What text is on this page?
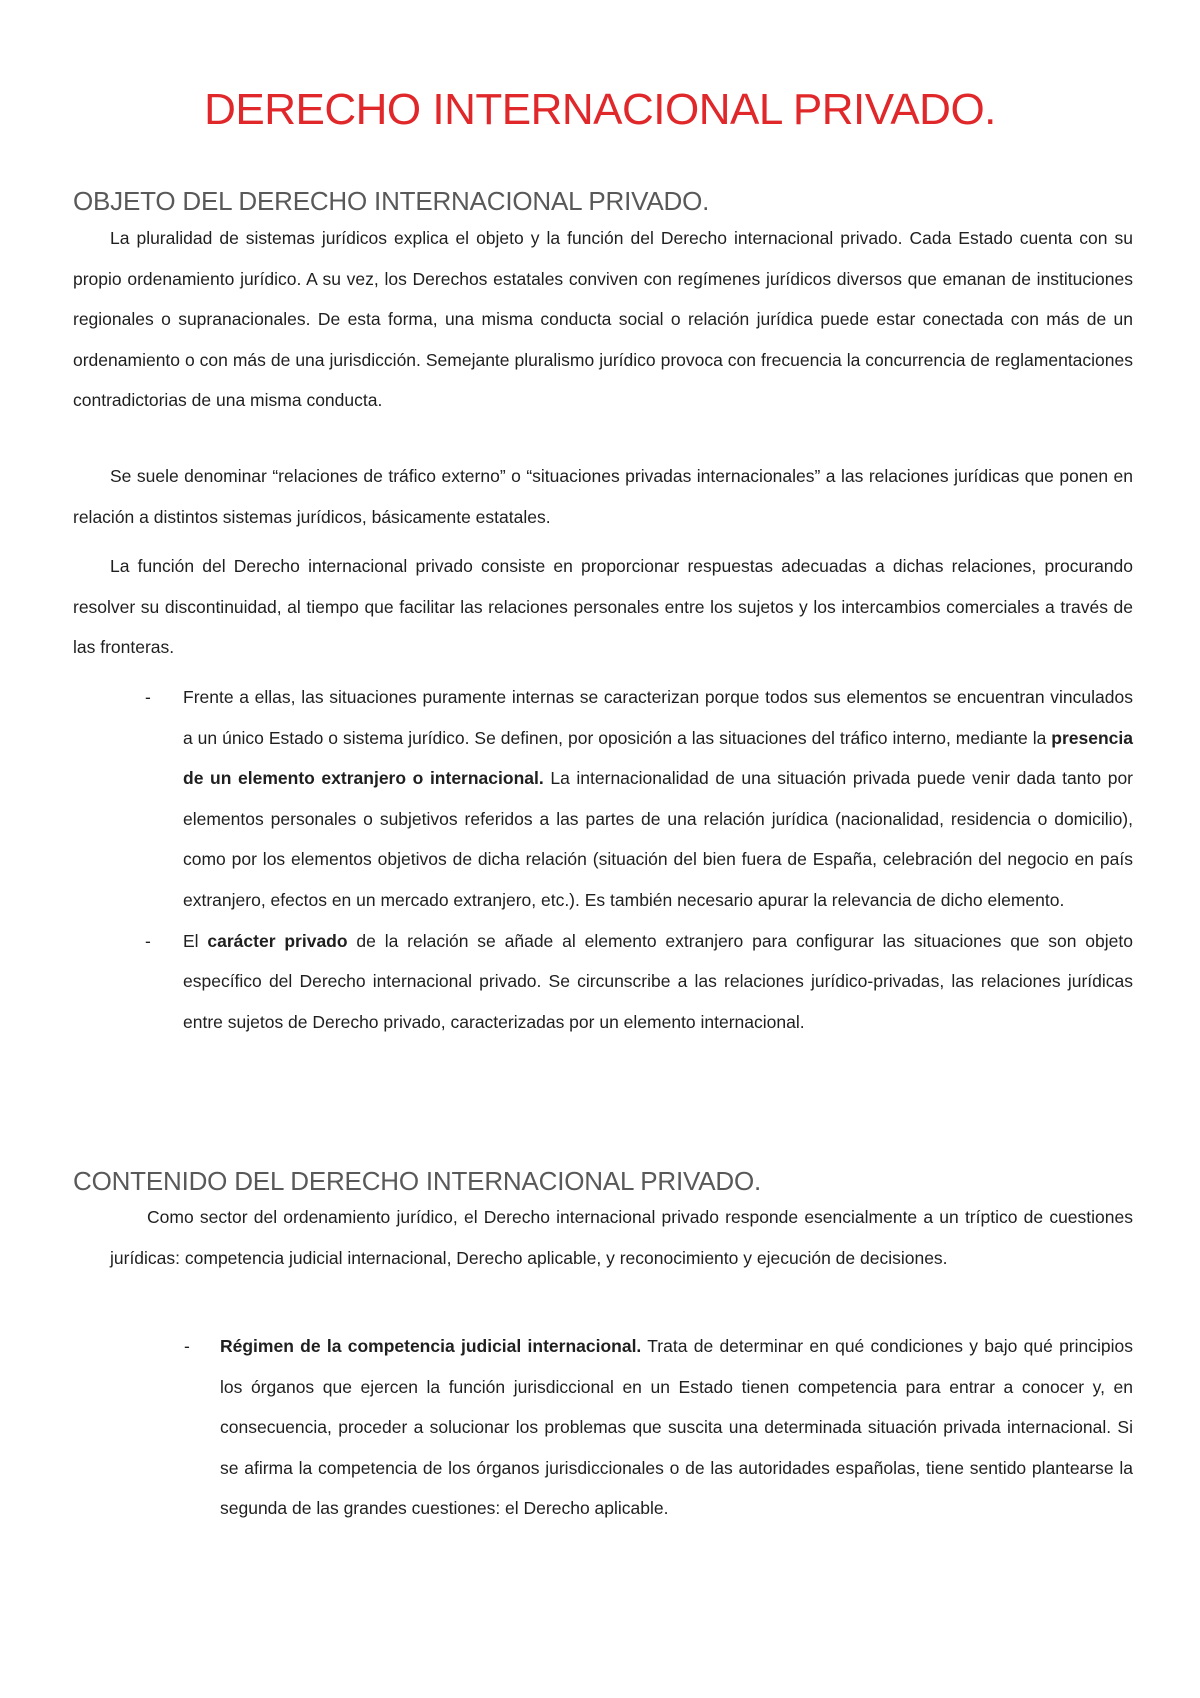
DERECHO INTERNACIONAL PRIVADO.
OBJETO DEL DERECHO INTERNACIONAL PRIVADO.

La pluralidad de sistemas jurídicos explica el objeto y la función del Derecho internacional privado. Cada Estado cuenta con su propio ordenamiento jurídico. A su vez, los Derechos estatales conviven con regímenes jurídicos diversos que emanan de instituciones regionales o supranacionales. De esta forma, una misma conducta social o relación jurídica puede estar conectada con más de un ordenamiento o con más de una jurisdicción. Semejante pluralismo jurídico provoca con frecuencia la concurrencia de reglamentaciones contradictorias de una misma conducta.

Se suele denominar “relaciones de tráfico externo” o “situaciones privadas internacionales” a las relaciones jurídicas que ponen en relación a distintos sistemas jurídicos, básicamente estatales.

La función del Derecho internacional privado consiste en proporcionar respuestas adecuadas a dichas relaciones, procurando resolver su discontinuidad, al tiempo que facilitar las relaciones personales entre los sujetos y los intercambios comerciales a través de las fronteras.

- Frente a ellas, las situaciones puramente internas se caracterizan porque todos sus elementos se encuentran vinculados a un único Estado o sistema jurídico. Se definen, por oposición a las situaciones del tráfico interno, mediante la presencia de un elemento extranjero o internacional. La internacionalidad de una situación privada puede venir dada tanto por elementos personales o subjetivos referidos a las partes de una relación jurídica (nacionalidad, residencia o domicilio), como por los elementos objetivos de dicha relación (situación del bien fuera de España, celebración del negocio en país extranjero, efectos en un mercado extranjero, etc.). Es también necesario apurar la relevancia de dicho elemento.
- El carácter privado de la relación se añade al elemento extranjero para configurar las situaciones que son objeto específico del Derecho internacional privado. Se circunscribe a las relaciones jurídico-privadas, las relaciones jurídicas entre sujetos de Derecho privado, caracterizadas por un elemento internacional.
CONTENIDO DEL DERECHO INTERNACIONAL PRIVADO.

Como sector del ordenamiento jurídico, el Derecho internacional privado responde esencialmente a un tríptico de cuestiones jurídicas: competencia judicial internacional, Derecho aplicable, y reconocimiento y ejecución de decisiones.

- Régimen de la competencia judicial internacional. Trata de determinar en qué condiciones y bajo qué principios los órganos que ejercen la función jurisdiccional en un Estado tienen competencia para entrar a conocer y, en consecuencia, proceder a solucionar los problemas que suscita una determinada situación privada internacional. Si se afirma la competencia de los órganos jurisdiccionales o de las autoridades españolas, tiene sentido plantearse la segunda de las grandes cuestiones: el Derecho aplicable.
